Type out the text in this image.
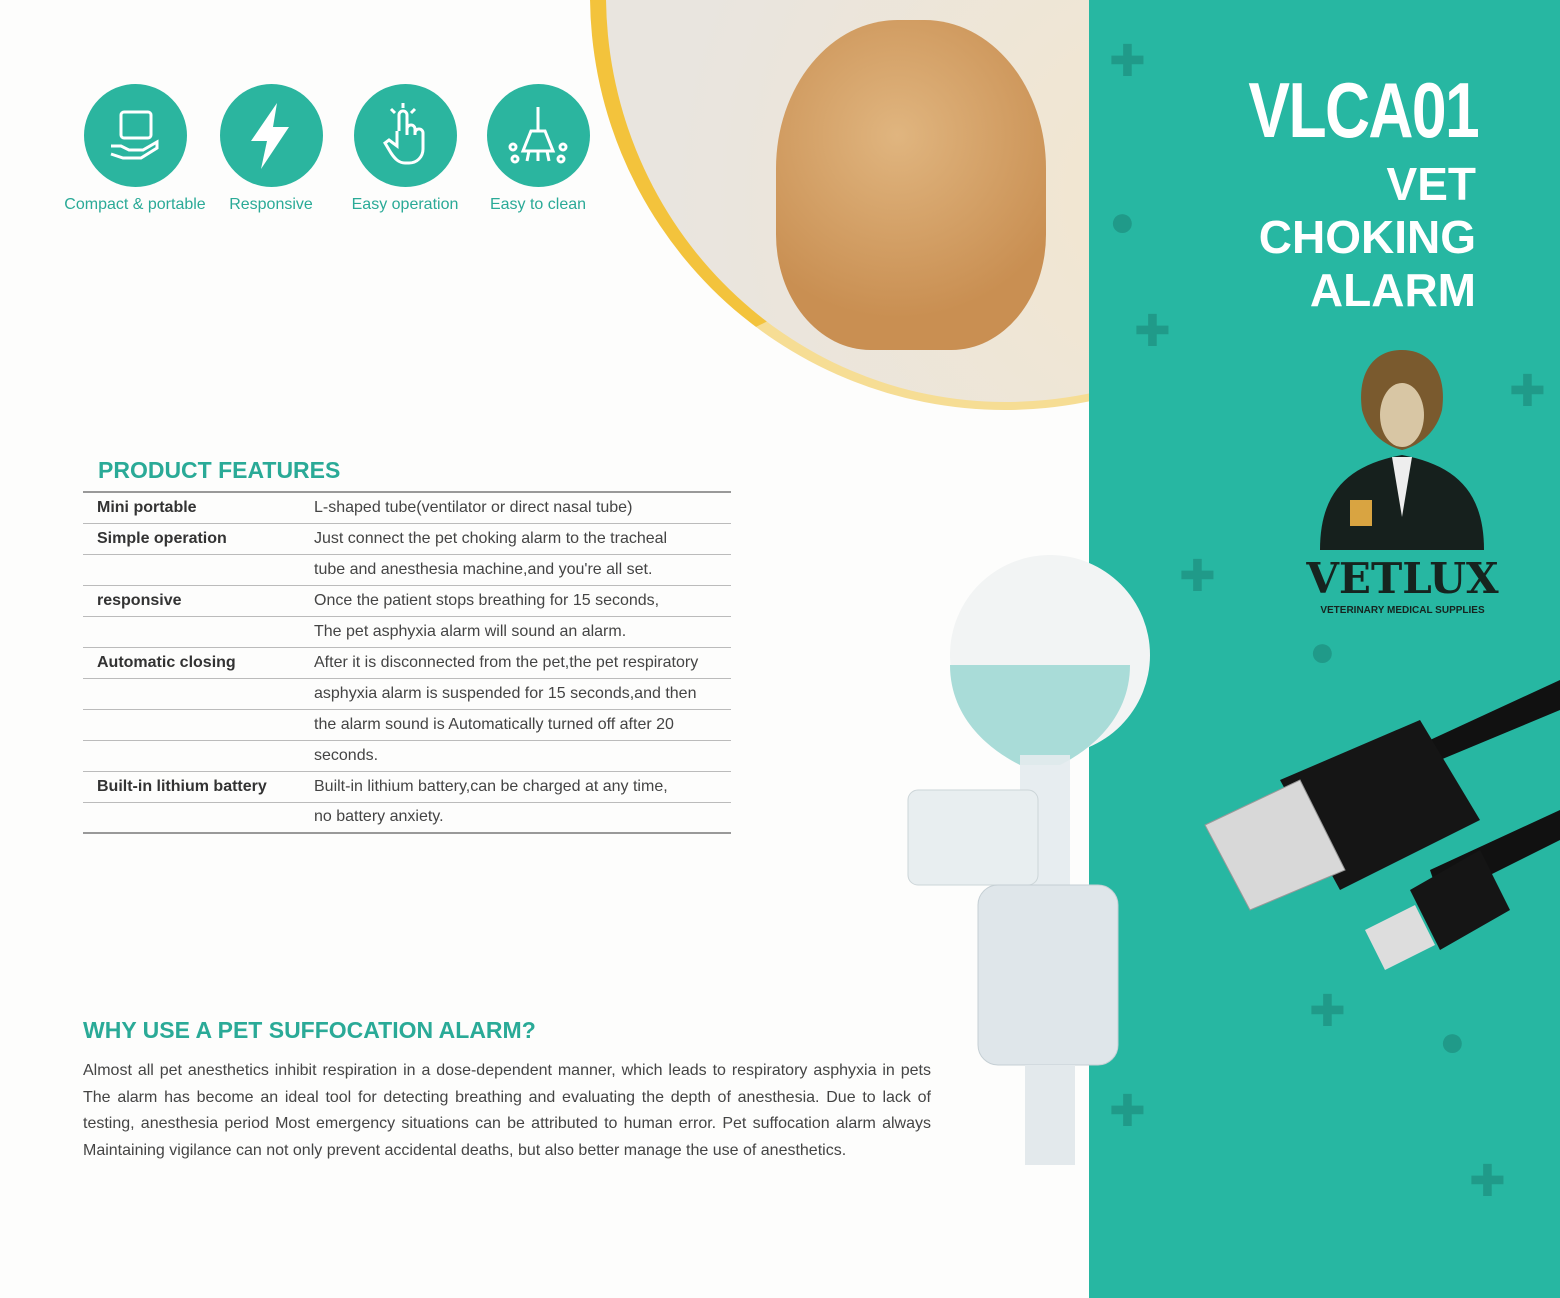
Compact & portable Responsive Easy operation Easy to clean
✚
✚
●
✚
✚
✚
✚
✚
●
●
VLCA01
VET
CHOKING
ALARM
VETLUX
VETERINARY MEDICAL SUPPLIES
PRODUCT FEATURES
Mini portable	L-shaped tube(ventilator or direct nasal tube)
Simple operation	Just connect the pet choking alarm to the tracheal
	tube and anesthesia machine,and you're all set.
responsive	Once the patient stops breathing for 15 seconds,
	The pet asphyxia alarm will sound an alarm.
Automatic closing	After it is disconnected from the pet,the pet respiratory
	asphyxia alarm is suspended for 15 seconds,and then
	the alarm sound is Automatically turned off after 20
	seconds.
Built-in lithium battery	Built-in lithium battery,can be charged at any time,
	no battery anxiety.
WHY USE A PET SUFFOCATION ALARM?
Almost all pet anesthetics inhibit respiration in a dose-dependent manner, which leads to respiratory asphyxia in pets The alarm has become an ideal tool for detecting breathing and evaluating the depth of anesthesia. Due to lack of testing, anesthesia period Most emergency situations can be attributed to human error. Pet suffocation alarm always Maintaining vigilance can not only prevent accidental deaths, but also better manage the use of anesthetics.
